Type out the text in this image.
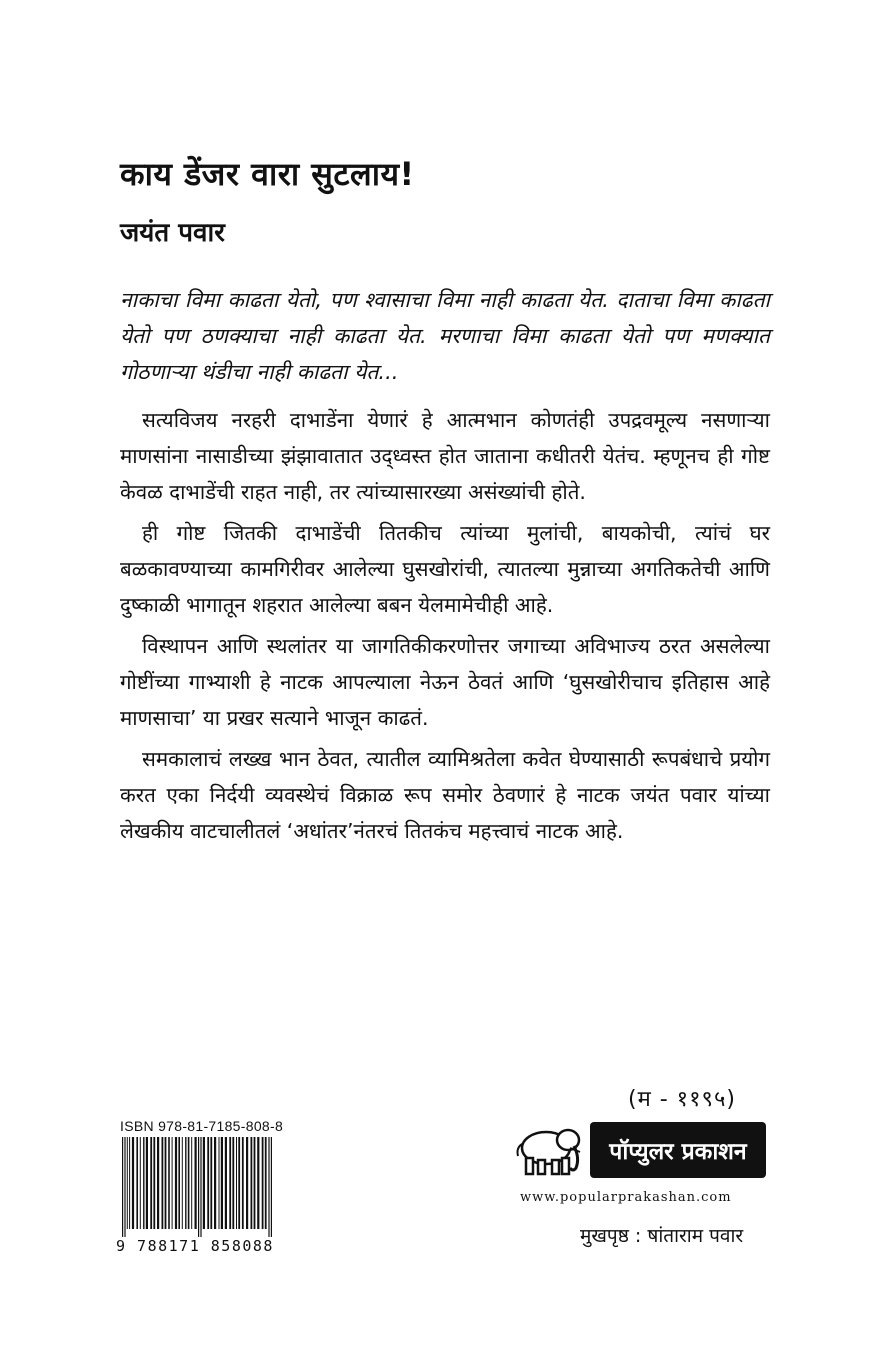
काय डेंजर वारा सुटलाय!
जयंत पवार
नाकाचा विमा काढता येतो, पण श्वासाचा विमा नाही काढता येत. दाताचा विमा काढता येतो पण ठणक्याचा नाही काढता येत. मरणाचा विमा काढता येतो पण मणक्यात गोठणाऱ्या थंडीचा नाही काढता येत...

सत्यविजय नरहरी दाभाडेंना येणारं हे आत्मभान कोणतंही उपद्रवमूल्य नसणाऱ्या माणसांना नासाडीच्या झंझावातात उद्ध्वस्त होत जाताना कधीतरी येतंच. म्हणूनच ही गोष्ट केवळ दाभाडेंची राहत नाही, तर त्यांच्यासारख्या असंख्यांची होते.

ही गोष्ट जितकी दाभाडेंची तितकीच त्यांच्या मुलांची, बायकोची, त्यांचं घर बळकावण्याच्या कामगिरीवर आलेल्या घुसखोरांची, त्यातल्या मुन्नाच्या अगतिकतेची आणि दुष्काळी भागातून शहरात आलेल्या बबन येलमामेचीही आहे.

विस्थापन आणि स्थलांतर या जागतिकीकरणोत्तर जगाच्या अविभाज्य ठरत असलेल्या गोष्टींच्या गाभ्याशी हे नाटक आपल्याला नेऊन ठेवतं आणि ‘घुसखोरीचाच इतिहास आहे माणसाचा’ या प्रखर सत्याने भाजून काढतं.

समकालाचं लख्ख भान ठेवत, त्यातील व्यामिश्रतेला कवेत घेण्यासाठी रूपबंधाचे प्रयोग करत एका निर्दयी व्यवस्थेचं विक्राळ रूप समोर ठेवणारं हे नाटक जयंत पवार यांच्या लेखकीय वाटचालीतलं ‘अधांतर’नंतरचं तितकंच महत्त्वाचं नाटक आहे.

(म - ११९५)
ISBN 978-81-7185-808-8
9 788171 858088
पॉप्युलर प्रकाशन
www.popularprakashan.com
मुखपृष्ठ : षांताराम पवार
